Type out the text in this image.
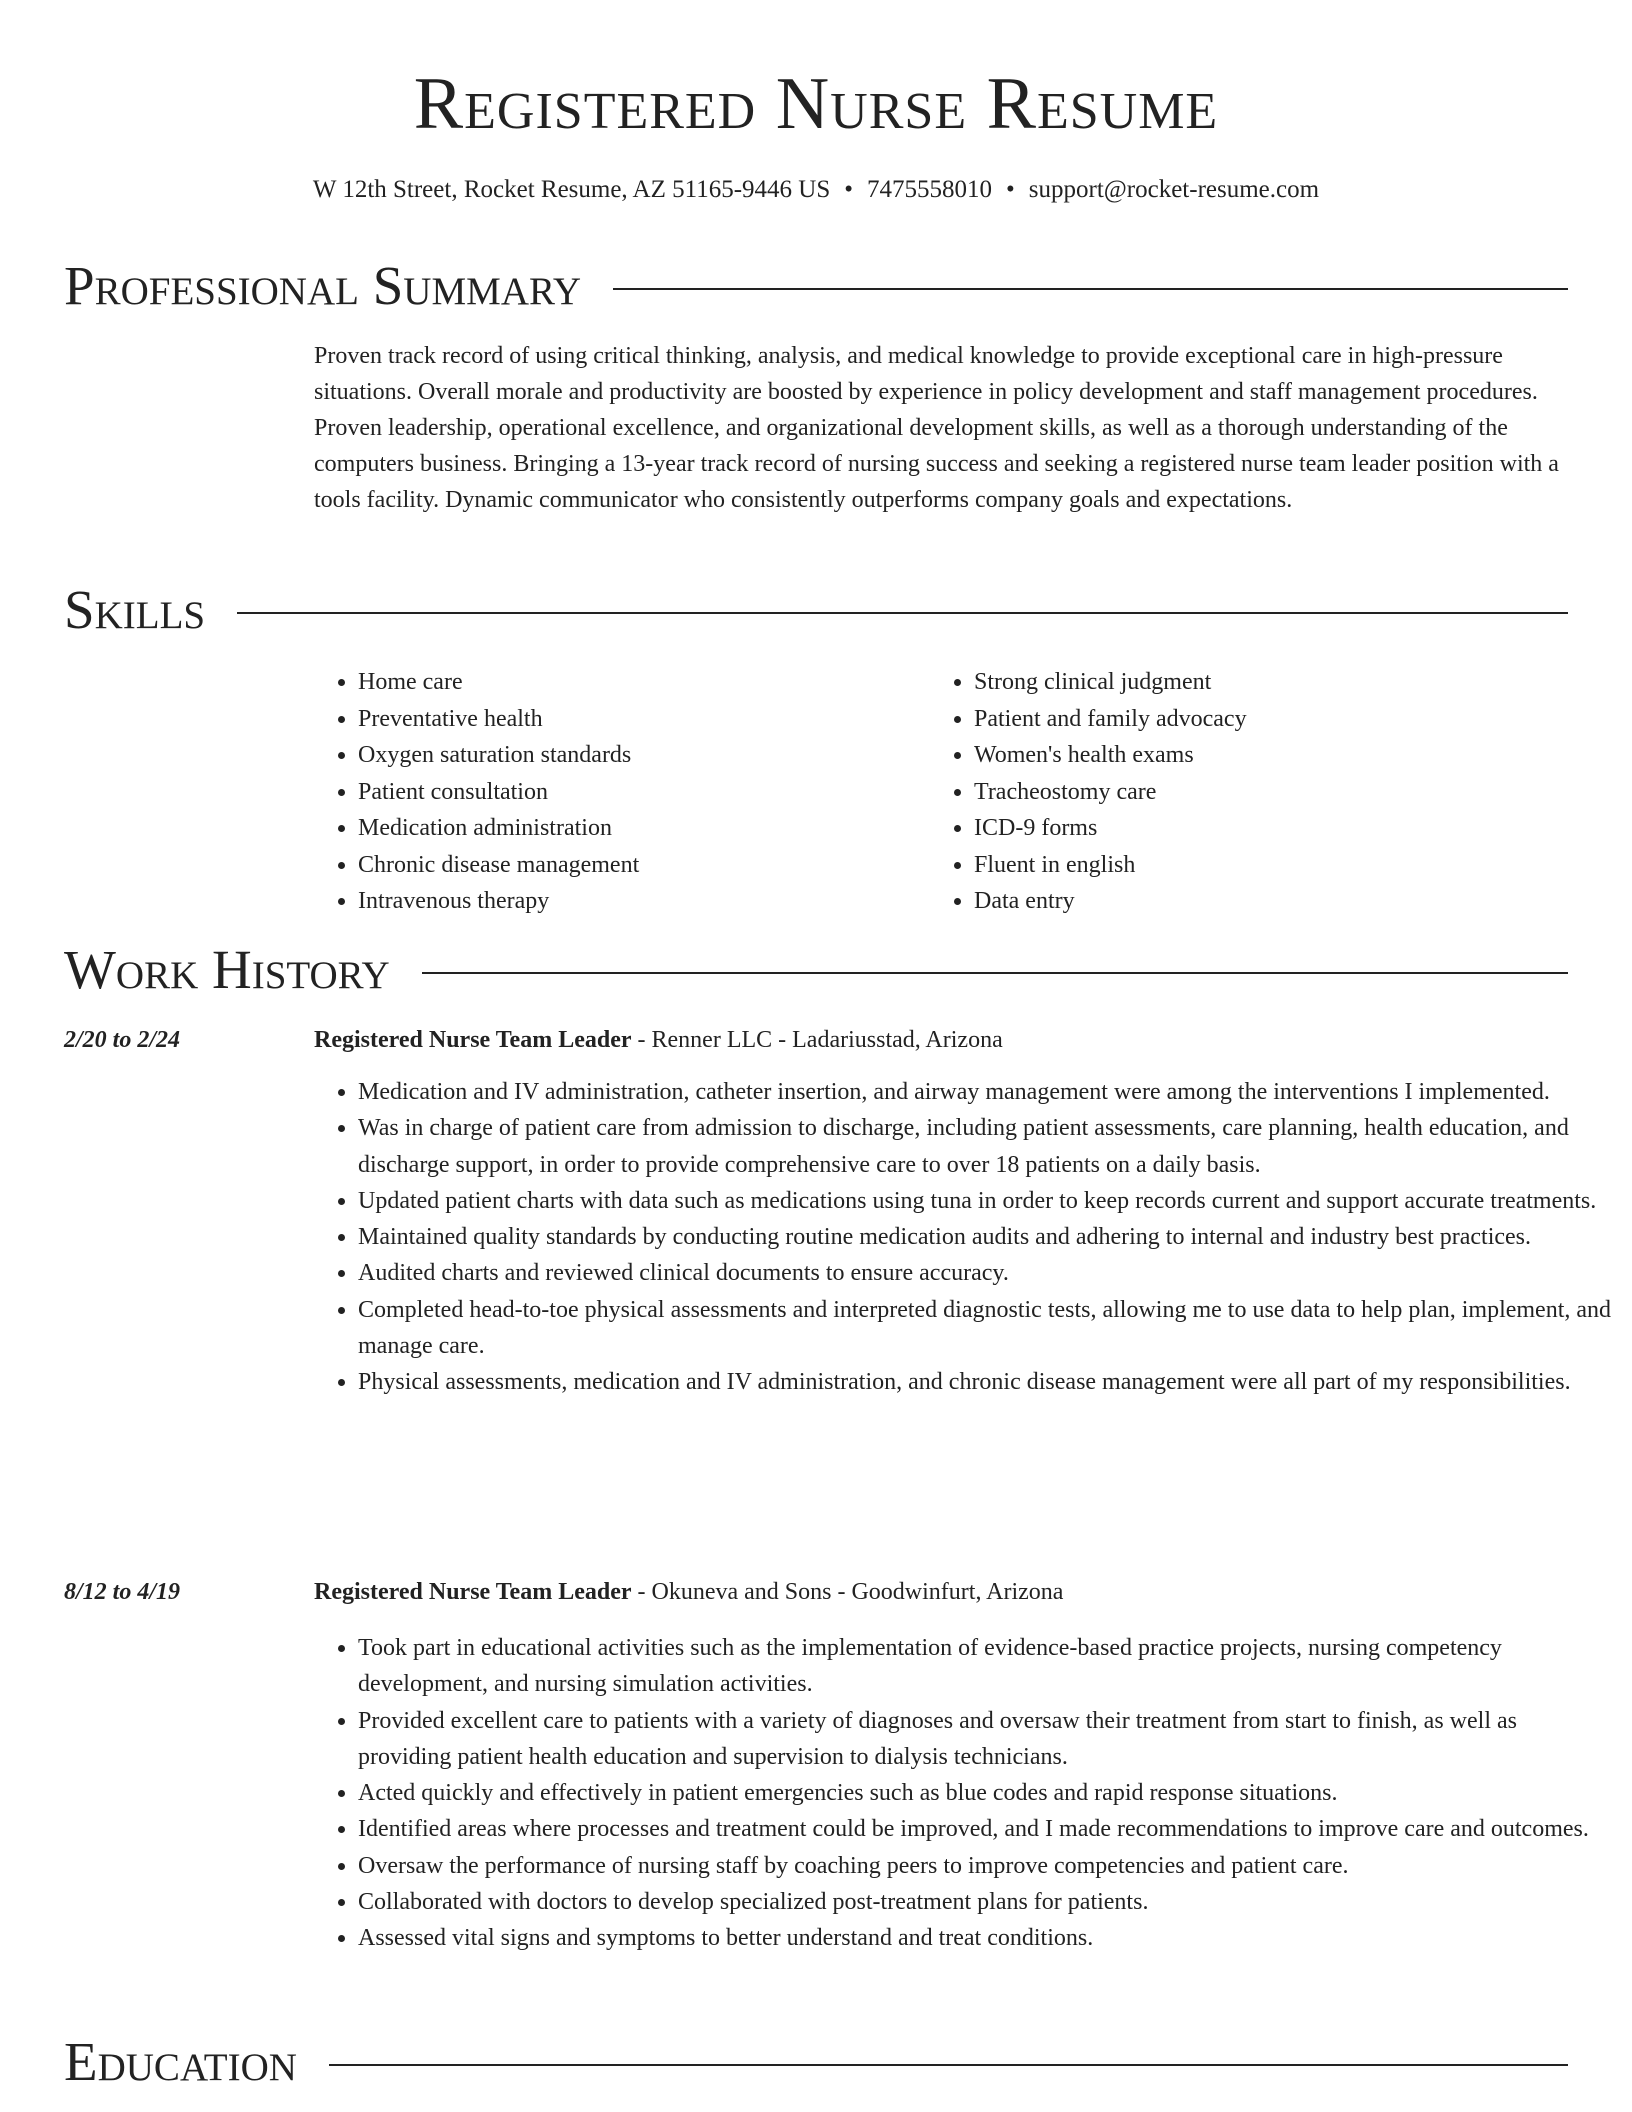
Registered Nurse Resume
W 12th Street, Rocket Resume, AZ 51165-9446 US • 7475558010 • support@rocket-resume.com
Professional Summary

Proven track record of using critical thinking, analysis, and medical knowledge to provide exceptional care in high-pressure situations. Overall morale and productivity are boosted by experience in policy development and staff management procedures. Proven leadership, operational excellence, and organizational development skills, as well as a thorough understanding of the computers business. Bringing a 13-year track record of nursing success and seeking a registered nurse team leader position with a tools facility. Dynamic communicator who consistently outperforms company goals and expectations.

Skills
• Home care
• Preventative health
• Oxygen saturation standards
• Patient consultation
• Medication administration
• Chronic disease management
• Intravenous therapy
• Strong clinical judgment
• Patient and family advocacy
• Women's health exams
• Tracheostomy care
• ICD-9 forms
• Fluent in english
• Data entry
Work History
2/20 to 2/24	Registered Nurse Team Leader - Renner LLC - Ladariusstad, Arizona
• Medication and IV administration, catheter insertion, and airway management were among the interventions I implemented.
• Was in charge of patient care from admission to discharge, including patient assessments, care planning, health education, and discharge support, in order to provide comprehensive care to over 18 patients on a daily basis.
• Updated patient charts with data such as medications using tuna in order to keep records current and support accurate treatments.
• Maintained quality standards by conducting routine medication audits and adhering to internal and industry best practices.
• Audited charts and reviewed clinical documents to ensure accuracy.
• Completed head-to-toe physical assessments and interpreted diagnostic tests, allowing me to use data to help plan, implement, and manage care.
• Physical assessments, medication and IV administration, and chronic disease management were all part of my responsibilities.
8/12 to 4/19	Registered Nurse Team Leader - Okuneva and Sons - Goodwinfurt, Arizona
• Took part in educational activities such as the implementation of evidence-based practice projects, nursing competency development, and nursing simulation activities.
• Provided excellent care to patients with a variety of diagnoses and oversaw their treatment from start to finish, as well as providing patient health education and supervision to dialysis technicians.
• Acted quickly and effectively in patient emergencies such as blue codes and rapid response situations.
• Identified areas where processes and treatment could be improved, and I made recommendations to improve care and outcomes.
• Oversaw the performance of nursing staff by coaching peers to improve competencies and patient care.
• Collaborated with doctors to develop specialized post-treatment plans for patients.
• Assessed vital signs and symptoms to better understand and treat conditions.
Education
